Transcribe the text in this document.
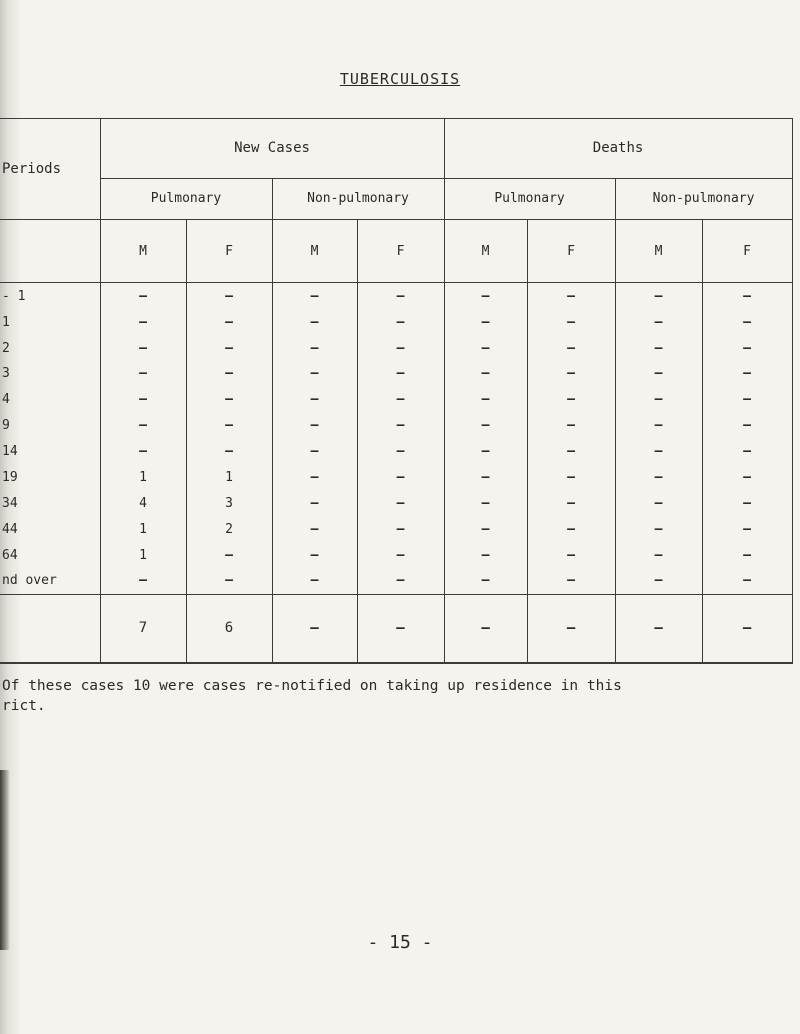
TUBERCULOSIS
Periods	New Cases				Deaths			
	Pulmonary		Non-pulmonary		Pulmonary		Non-pulmonary	
	M	F	M	F	M	F	M	F
- 1	–	–	–	–	–	–	–	–
1	–	–	–	–	–	–	–	–
2	–	–	–	–	–	–	–	–
3	–	–	–	–	–	–	–	–
4	–	–	–	–	–	–	–	–
9	–	–	–	–	–	–	–	–
14	–	–	–	–	–	–	–	–
19	1	1	–	–	–	–	–	–
34	4	3	–	–	–	–	–	–
44	1	2	–	–	–	–	–	–
64	1	–	–	–	–	–	–	–
nd over	–	–	–	–	–	–	–	–
	7	6	–	–	–	–	–	–
Of these cases 10 were cases re-notified on taking up residence in this
rict.
- 15 -
